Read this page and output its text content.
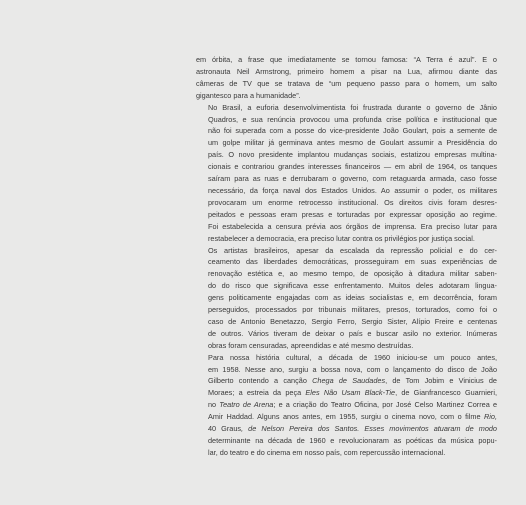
em órbita, a frase que imediatamente se tornou famosa: “A Terra é azul”. E o
astronauta Neil Armstrong, primeiro homem a pisar na Lua, afirmou diante das
câmeras de TV que se tratava de “um pequeno passo para o homem, um salto
gigantesco para a humanidade”.

No Brasil, a euforia desenvolvimentista foi frustrada durante o governo de Jânio
Quadros, e sua renúncia provocou uma profunda crise política e institucional que
não foi superada com a posse do vice-presidente João Goulart, pois a semente de
um golpe militar já germinava antes mesmo de Goulart assumir a Presidência do
país. O novo presidente implantou mudanças sociais, estatizou empresas multina-
cionais e contrariou grandes interesses financeiros — em abril de 1964, os tanques
saíram para as ruas e derrubaram o governo, com retaguarda armada, caso fosse
necessário, da força naval dos Estados Unidos. Ao assumir o poder, os militares
provocaram um enorme retrocesso institucional. Os direitos civis foram desres-
peitados e pessoas eram presas e torturadas por expressar oposição ao regime.
Foi estabelecida a censura prévia aos órgãos de imprensa. Era preciso lutar para
restabelecer a democracia, era preciso lutar contra os privilégios por justiça social.

Os artistas brasileiros, apesar da escalada da repressão policial e do cer-
ceamento das liberdades democráticas, prosseguiram em suas experiências de
renovação estética e, ao mesmo tempo, de oposição à ditadura militar saben-
do do risco que significava esse enfrentamento. Muitos deles adotaram lingua-
gens politicamente engajadas com as ideias socialistas e, em decorrência, foram
perseguidos, processados por tribunais militares, presos, torturados, como foi o
caso de Antonio Benetazzo, Sergio Ferro, Sergio Sister, Alípio Freire e centenas
de outros. Vários tiveram de deixar o país e buscar asilo no exterior. Inúmeras
obras foram censuradas, apreendidas e até mesmo destruídas.

Para nossa história cultural, a década de 1960 iniciou-se um pouco antes,
em 1958. Nesse ano, surgiu a bossa nova, com o lançamento do disco de João
Gilberto contendo a canção Chega de Saudades, de Tom Jobim e Vinicius de
Moraes; a estreia da peça Eles Não Usam Black-Tie, de Gianfrancesco Guarnieri,
no Teatro de Arena; e a criação do Teatro Oficina, por José Celso Martinez Correa e
Amir Haddad. Alguns anos antes, em 1955, surgiu o cinema novo, com o filme Rio,
40 Graus, de Nelson Pereira dos Santos. Esses movimentos atuaram de modo
determinante na década de 1960 e revolucionaram as poéticas da música popu-
lar, do teatro e do cinema em nosso país, com repercussão internacional.
